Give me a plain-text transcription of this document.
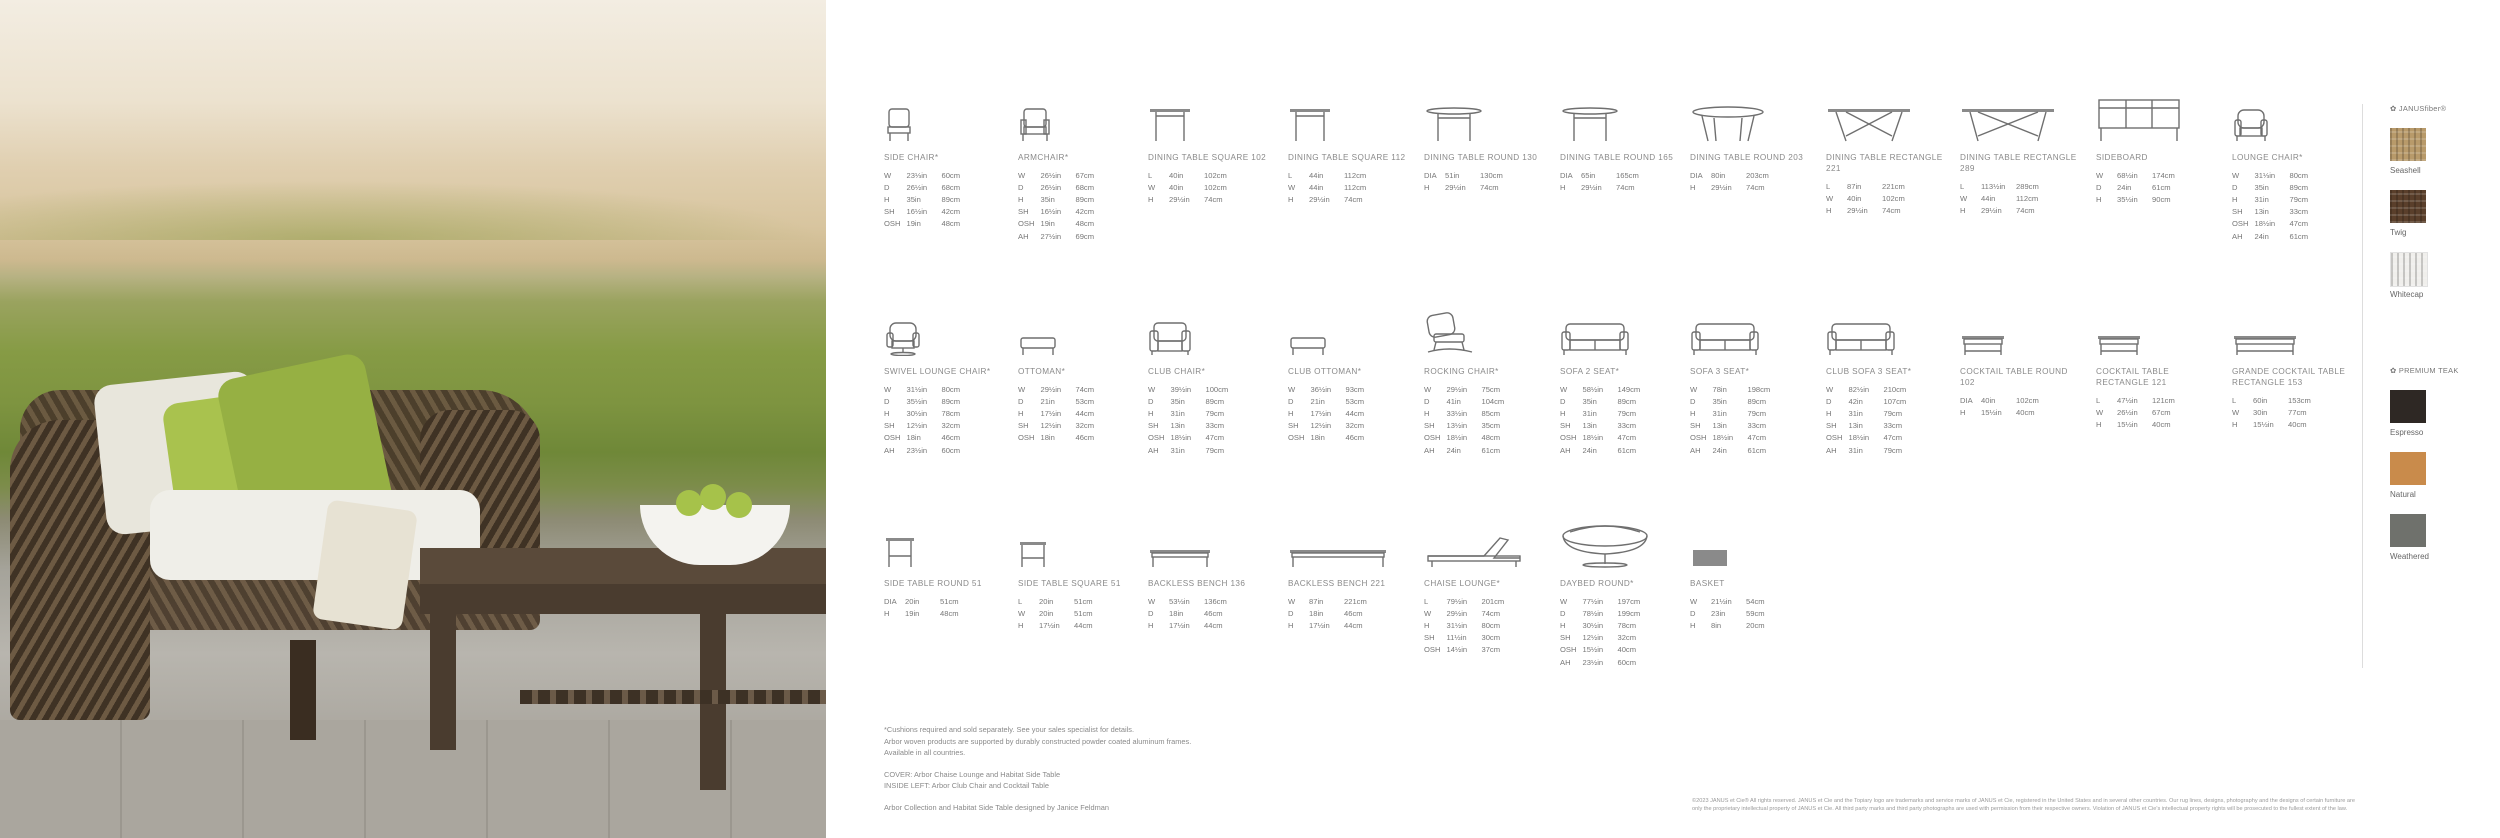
SIDE CHAIR*
W	23⅓in	60cm
D	26½in	68cm
H	35in	89cm
SH	16½in	42cm
OSH	19in	48cm
ARMCHAIR*
W	26½in	67cm
D	26½in	68cm
H	35in	89cm
SH	16½in	42cm
OSH	19in	48cm
AH	27½in	69cm
DINING TABLE SQUARE 102
L	40in	102cm
W	40in	102cm
H	29½in	74cm
DINING TABLE SQUARE 112
L	44in	112cm
W	44in	112cm
H	29½in	74cm
DINING TABLE ROUND 130
DIA	51in	130cm
H	29½in	74cm
DINING TABLE ROUND 165
DIA	65in	165cm
H	29½in	74cm
DINING TABLE ROUND 203
DIA	80in	203cm
H	29½in	74cm
DINING TABLE RECTANGLE 221
L	87in	221cm
W	40in	102cm
H	29½in	74cm
DINING TABLE RECTANGLE 289
L	113½in	289cm
W	44in	112cm
H	29½in	74cm
SIDEBOARD
W	68½in	174cm
D	24in	61cm
H	35½in	90cm
LOUNGE CHAIR*
W	31⅓in	80cm
D	35in	89cm
H	31in	79cm
SH	13in	33cm
OSH	18½in	47cm
AH	24in	61cm
SWIVEL LOUNGE CHAIR*
W	31½in	80cm
D	35½in	89cm
H	30½in	78cm
SH	12½in	32cm
OSH	18in	46cm
AH	23½in	60cm
OTTOMAN*
W	29½in	74cm
D	21in	53cm
H	17½in	44cm
SH	12½in	32cm
OSH	18in	46cm
CLUB CHAIR*
W	39½in	100cm
D	35in	89cm
H	31in	79cm
SH	13in	33cm
OSH	18½in	47cm
AH	31in	79cm
CLUB OTTOMAN*
W	36½in	93cm
D	21in	53cm
H	17½in	44cm
SH	12½in	32cm
OSH	18in	46cm
ROCKING CHAIR*
W	29½in	75cm
D	41in	104cm
H	33½in	85cm
SH	13½in	35cm
OSH	18½in	48cm
AH	24in	61cm
SOFA 2 SEAT*
W	58½in	149cm
D	35in	89cm
H	31in	79cm
SH	13in	33cm
OSH	18½in	47cm
AH	24in	61cm
SOFA 3 SEAT*
W	78in	198cm
D	35in	89cm
H	31in	79cm
SH	13in	33cm
OSH	18½in	47cm
AH	24in	61cm
CLUB SOFA 3 SEAT*
W	82½in	210cm
D	42in	107cm
H	31in	79cm
SH	13in	33cm
OSH	18½in	47cm
AH	31in	79cm
COCKTAIL TABLE ROUND 102
DIA	40in	102cm
H	15½in	40cm
COCKTAIL TABLE RECTANGLE 121
L	47½in	121cm
W	26½in	67cm
H	15½in	40cm
GRANDE COCKTAIL TABLE RECTANGLE 153
L	60in	153cm
W	30in	77cm
H	15½in	40cm
SIDE TABLE ROUND 51
DIA	20in	51cm
H	19in	48cm
SIDE TABLE SQUARE 51
L	20in	51cm
W	20in	51cm
H	17½in	44cm
BACKLESS BENCH 136
W	53½in	136cm
D	18in	46cm
H	17½in	44cm
BACKLESS BENCH 221
W	87in	221cm
D	18in	46cm
H	17½in	44cm
CHAISE LOUNGE*
L	79½in	201cm
W	29½in	74cm
H	31½in	80cm
SH	11½in	30cm
OSH	14½in	37cm
DAYBED ROUND*
W	77½in	197cm
D	78½in	199cm
H	30½in	78cm
SH	12½in	32cm
OSH	15½in	40cm
AH	23½in	60cm
BASKET
W	21½in	54cm
D	23in	59cm
H	8in	20cm
*Cushions required and sold separately. See your sales specialist for details.
Arbor woven products are supported by durably constructed powder coated aluminum frames.
Available in all countries.
COVER: Arbor Chaise Lounge and Habitat Side Table
INSIDE LEFT: Arbor Club Chair and Cocktail Table
Arbor Collection and Habitat Side Table designed by Janice Feldman
©2023 JANUS et Cie® All rights reserved. JANUS et Cie and the Topiary logo are trademarks and service marks of JANUS et Cie, registered in the United States and in several other countries. Our rug lines, designs, photography and the designs of certain furniture are
only the proprietary intellectual property of JANUS et Cie. All third party marks and third party photographs are used with permission from their respective owners. Violation of JANUS et Cie's intellectual property rights will be prosecuted to the fullest extent of the law.
✿ JANUSfiber®
Seashell
Twig
Whitecap
✿ PREMIUM TEAK
Espresso
Natural
Weathered
